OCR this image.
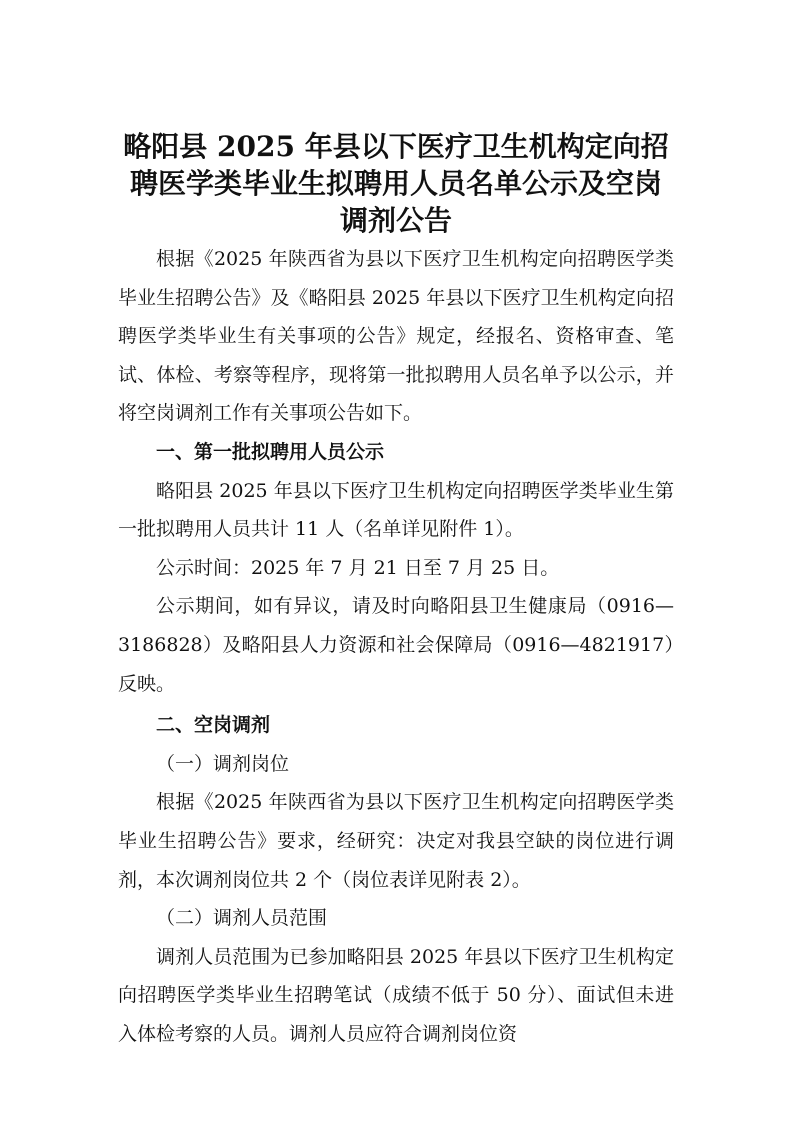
略阳县 2025 年县以下医疗卫生机构定向招
聘医学类毕业生拟聘用人员名单公示及空岗
调剂公告

根据《2025 年陕西省为县以下医疗卫生机构定向招聘医学类毕业生招聘公告》及《略阳县 2025 年县以下医疗卫生机构定向招聘医学类毕业生有关事项的公告》规定，经报名、资格审查、笔试、体检、考察等程序，现将第一批拟聘用人员名单予以公示，并将空岗调剂工作有关事项公告如下。

一、第一批拟聘用人员公示

略阳县 2025 年县以下医疗卫生机构定向招聘医学类毕业生第一批拟聘用人员共计 11 人（名单详见附件 1）。

公示时间：2025 年 7 月 21 日至 7 月 25 日。

公示期间，如有异议，请及时向略阳县卫生健康局（0916—3186828）及略阳县人力资源和社会保障局（0916—4821917）反映。

二、空岗调剂

（一）调剂岗位

根据《2025 年陕西省为县以下医疗卫生机构定向招聘医学类毕业生招聘公告》要求，经研究：决定对我县空缺的岗位进行调剂，本次调剂岗位共 2 个（岗位表详见附表 2）。

（二）调剂人员范围

调剂人员范围为已参加略阳县 2025 年县以下医疗卫生机构定向招聘医学类毕业生招聘笔试（成绩不低于 50 分）、面试但未进入体检考察的人员。调剂人员应符合调剂岗位资
